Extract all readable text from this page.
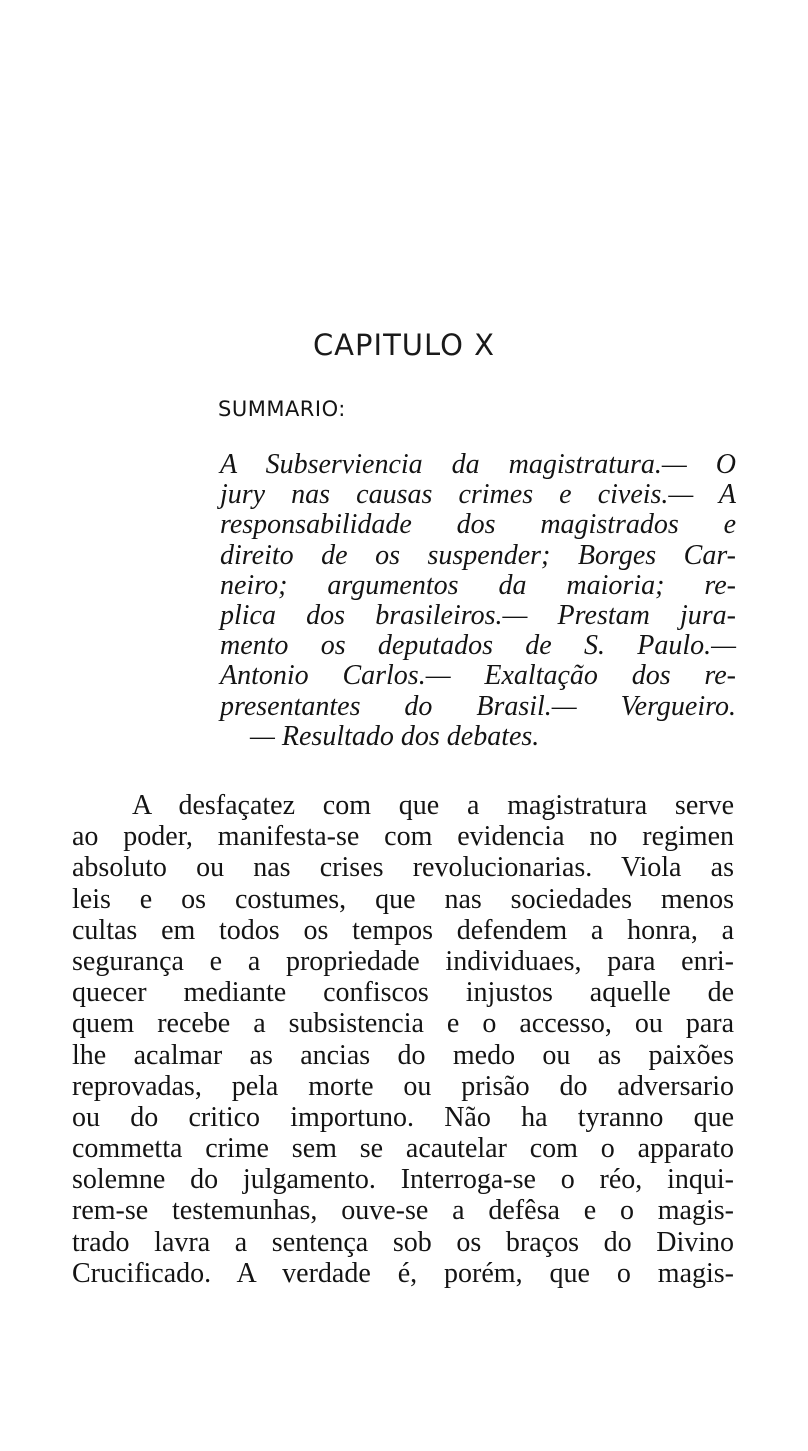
CAPITULO X
SUMMARIO:
A Subserviencia da magistratura.— O
jury nas causas crimes e civeis.— A
responsabilidade dos magistrados e
direito de os suspender; Borges Car-
neiro; argumentos da maioria; re-
plica dos brasileiros.— Prestam jura-
mento os deputados de S. Paulo.—
Antonio Carlos.— Exaltação dos re-
presentantes do Brasil.— Vergueiro.
— Resultado dos debates.
A desfaçatez com que a magistratura serve
ao poder, manifesta-se com evidencia no regimen
absoluto ou nas crises revolucionarias. Viola as
leis e os costumes, que nas sociedades menos
cultas em todos os tempos defendem a honra, a
segurança e a propriedade individuaes, para enri-
quecer mediante confiscos injustos aquelle de
quem recebe a subsistencia e o accesso, ou para
lhe acalmar as ancias do medo ou as paixões
reprovadas, pela morte ou prisão do adversario
ou do critico importuno. Não ha tyranno que
commetta crime sem se acautelar com o apparato
solemne do julgamento. Interroga-se o réo, inqui-
rem-se testemunhas, ouve-se a defêsa e o magis-
trado lavra a sentença sob os braços do Divino
Crucificado. A verdade é, porém, que o magis-
